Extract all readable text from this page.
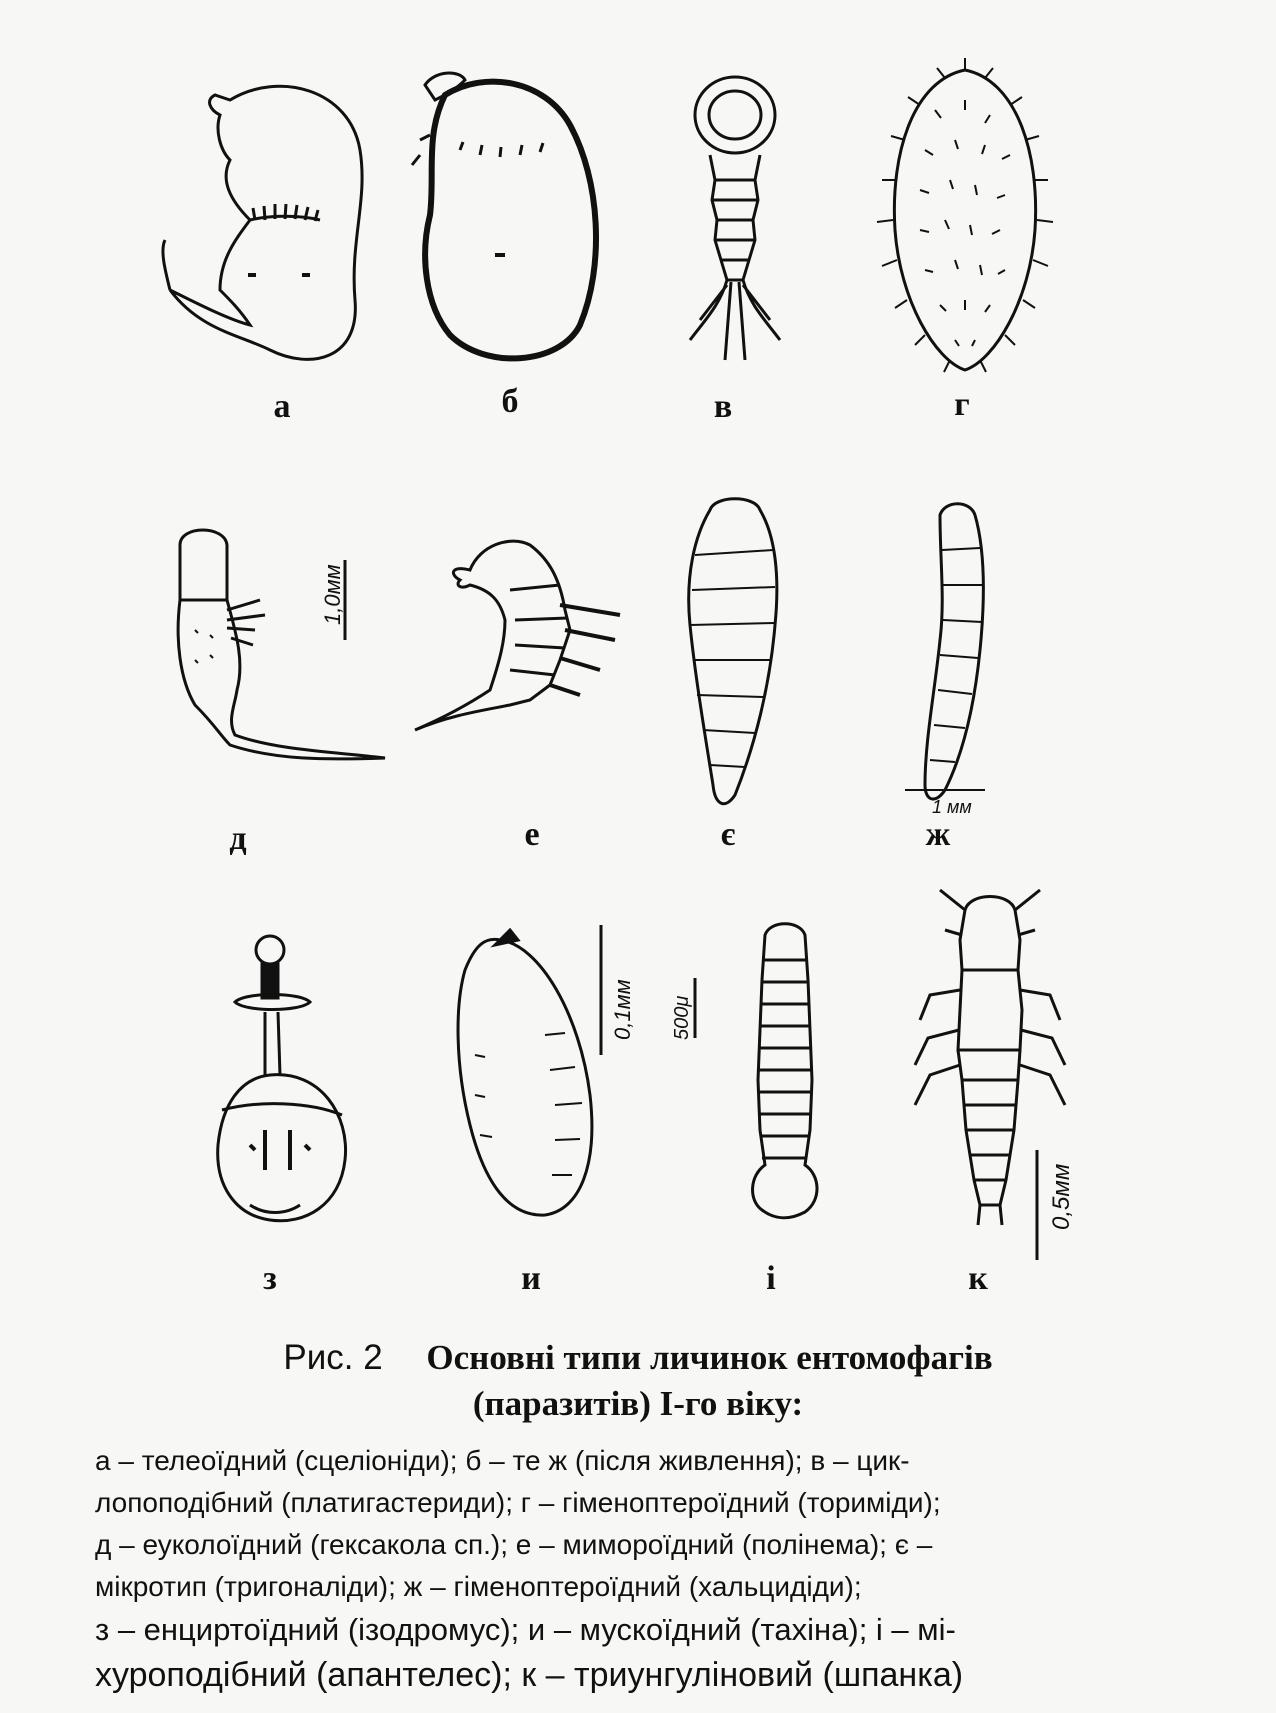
а	б	в	г
1,0мм
1 мм
д	е	є	ж
0,1мм 500μ
0,5мм
з	и	і	к
Рис. 2 Основні типи личинок ентомофагів
(паразитів) І-го віку:
а – телеоїдний (сцеліоніди); б – те ж (після живлення); в – цик-
лопоподібний (платигастериди); г – гіменоптероїдний (ториміди);
д – еуколоїдний (гексакола сп.); е – мимороїдний (полінема); є –
мікротип (тригоналіди); ж – гіменоптероїдний (хальцидіди);
з – енциртоїдний (ізодромус); и – мускоїдний (тахіна); і – мі-
хуроподібний (апантелес); к – триунгуліновий (шпанка)
